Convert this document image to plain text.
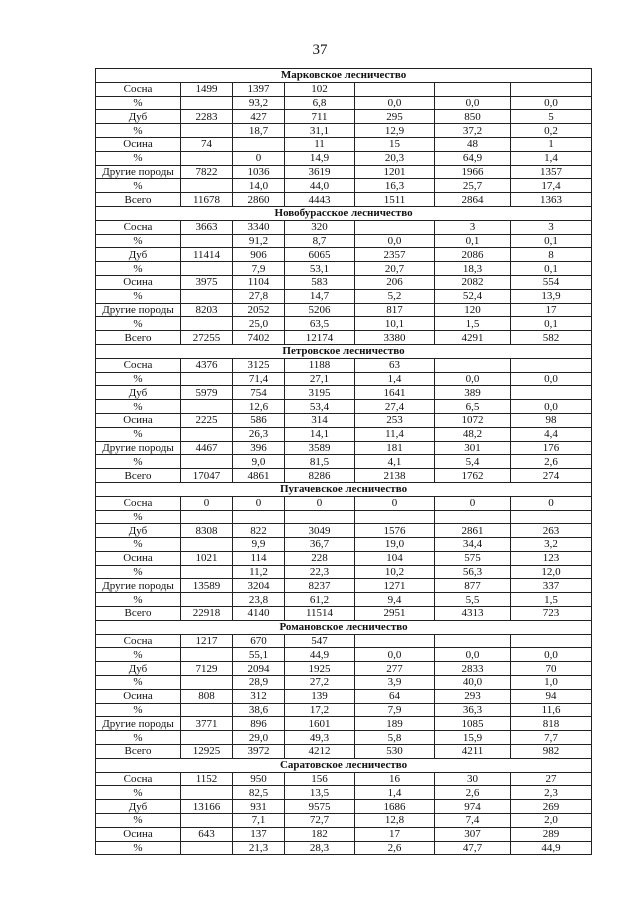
37
Марковское лесничество						
Сосна	1499	1397	102			
%		93,2	6,8	0,0	0,0	0,0
Дуб	2283	427	711	295	850	5
%		18,7	31,1	12,9	37,2	0,2
Осина	74		11	15	48	1
%		0	14,9	20,3	64,9	1,4
Другие породы	7822	1036	3619	1201	1966	1357
%		14,0	44,0	16,3	25,7	17,4
Всего	11678	2860	4443	1511	2864	1363
Новобурасское лесничество						
Сосна	3663	3340	320		3	3
%		91,2	8,7	0,0	0,1	0,1
Дуб	11414	906	6065	2357	2086	8
%		7,9	53,1	20,7	18,3	0,1
Осина	3975	1104	583	206	2082	554
%		27,8	14,7	5,2	52,4	13,9
Другие породы	8203	2052	5206	817	120	17
%		25,0	63,5	10,1	1,5	0,1
Всего	27255	7402	12174	3380	4291	582
Петровское лесничество						
Сосна	4376	3125	1188	63		
%		71,4	27,1	1,4	0,0	0,0
Дуб	5979	754	3195	1641	389	
%		12,6	53,4	27,4	6,5	0,0
Осина	2225	586	314	253	1072	98
%		26,3	14,1	11,4	48,2	4,4
Другие породы	4467	396	3589	181	301	176
%		9,0	81,5	4,1	5,4	2,6
Всего	17047	4861	8286	2138	1762	274
Пугачевское лесничество						
Сосна	0	0	0	0	0	0
%						
Дуб	8308	822	3049	1576	2861	263
%		9,9	36,7	19,0	34,4	3,2
Осина	1021	114	228	104	575	123
%		11,2	22,3	10,2	56,3	12,0
Другие породы	13589	3204	8237	1271	877	337
%		23,8	61,2	9,4	5,5	1,5
Всего	22918	4140	11514	2951	4313	723
Романовское лесничество						
Сосна	1217	670	547			
%		55,1	44,9	0,0	0,0	0,0
Дуб	7129	2094	1925	277	2833	70
%		28,9	27,2	3,9	40,0	1,0
Осина	808	312	139	64	293	94
%		38,6	17,2	7,9	36,3	11,6
Другие породы	3771	896	1601	189	1085	818
%		29,0	49,3	5,8	15,9	7,7
Всего	12925	3972	4212	530	4211	982
Саратовское лесничество						
Сосна	1152	950	156	16	30	27
%		82,5	13,5	1,4	2,6	2,3
Дуб	13166	931	9575	1686	974	269
%		7,1	72,7	12,8	7,4	2,0
Осина	643	137	182	17	307	289
%		21,3	28,3	2,6	47,7	44,9
